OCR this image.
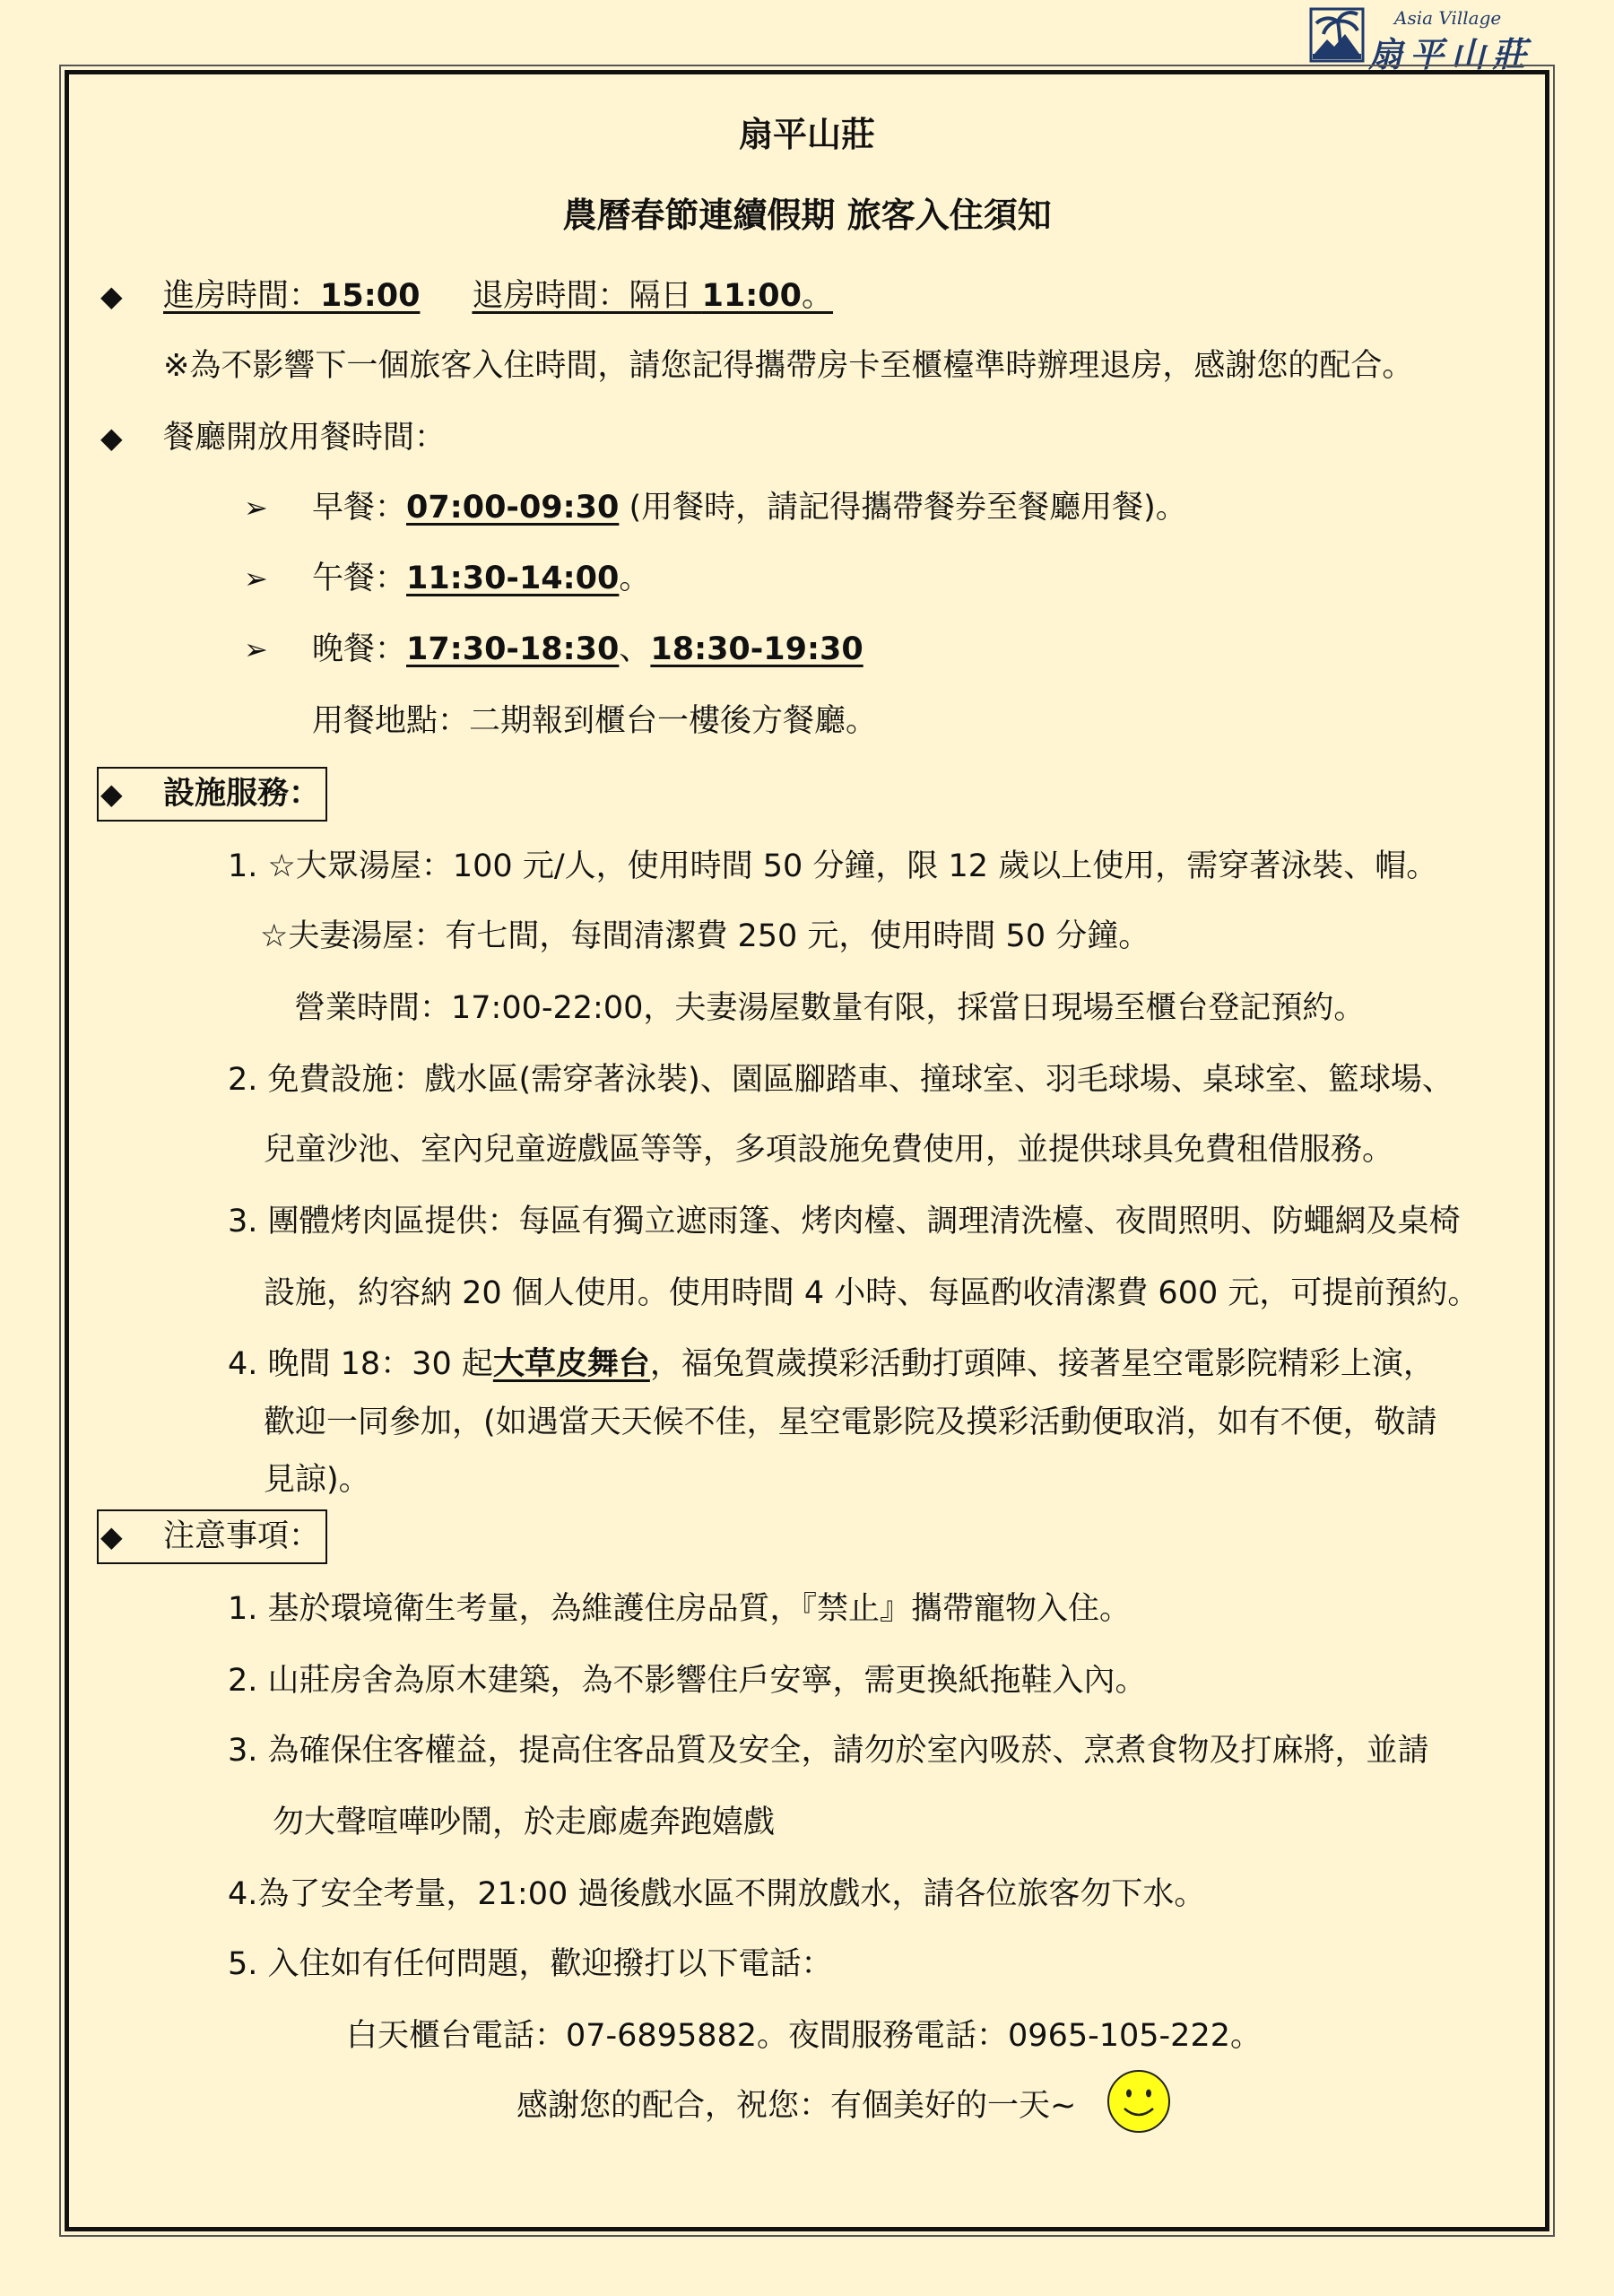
Asia Village
扇平山莊
扇平山莊
農曆春節連續假期 旅客入住須知
◆ 進房時間：15:00 退房時間：隔日 11:00。
※為不影響下一個旅客入住時間，請您記得攜帶房卡至櫃檯準時辦理退房，感謝您的配合。
◆ 餐廳開放用餐時間：
➢ 早餐：07:00-09:30 (用餐時，請記得攜帶餐券至餐廳用餐)。
➢ 午餐：11:30-14:00。
➢ 晚餐：17:30-18:30、18:30-19:30
用餐地點：二期報到櫃台一樓後方餐廳。
◆ 設施服務：
1. ☆大眾湯屋：100 元/人，使用時間 50 分鐘，限 12 歲以上使用，需穿著泳裝、帽。
☆夫妻湯屋：有七間，每間清潔費 250 元，使用時間 50 分鐘。
營業時間：17:00-22:00，夫妻湯屋數量有限，採當日現場至櫃台登記預約。
2. 免費設施：戲水區(需穿著泳裝)、園區腳踏車、撞球室、羽毛球場、桌球室、籃球場、
兒童沙池、室內兒童遊戲區等等，多項設施免費使用，並提供球具免費租借服務。
3. 團體烤肉區提供：每區有獨立遮雨篷、烤肉檯、調理清洗檯、夜間照明、防蠅網及桌椅
設施，約容納 20 個人使用。使用時間 4 小時、每區酌收清潔費 600 元，可提前預約。
4. 晚間 18：30 起大草皮舞台，福兔賀歲摸彩活動打頭陣、接著星空電影院精彩上演，
歡迎一同參加，(如遇當天天候不佳，星空電影院及摸彩活動便取消，如有不便，敬請
見諒)。
◆ 注意事項：
1. 基於環境衛生考量，為維護住房品質，『禁止』攜帶寵物入住。
2. 山莊房舍為原木建築，為不影響住戶安寧，需更換紙拖鞋入內。
3. 為確保住客權益，提高住客品質及安全，請勿於室內吸菸、烹煮食物及打麻將，並請
勿大聲喧嘩吵鬧，於走廊處奔跑嬉戲
4.為了安全考量，21:00 過後戲水區不開放戲水，請各位旅客勿下水。
5. 入住如有任何問題，歡迎撥打以下電話：
白天櫃台電話：07-6895882。夜間服務電話：0965-105-222。
感謝您的配合，祝您：有個美好的一天~
